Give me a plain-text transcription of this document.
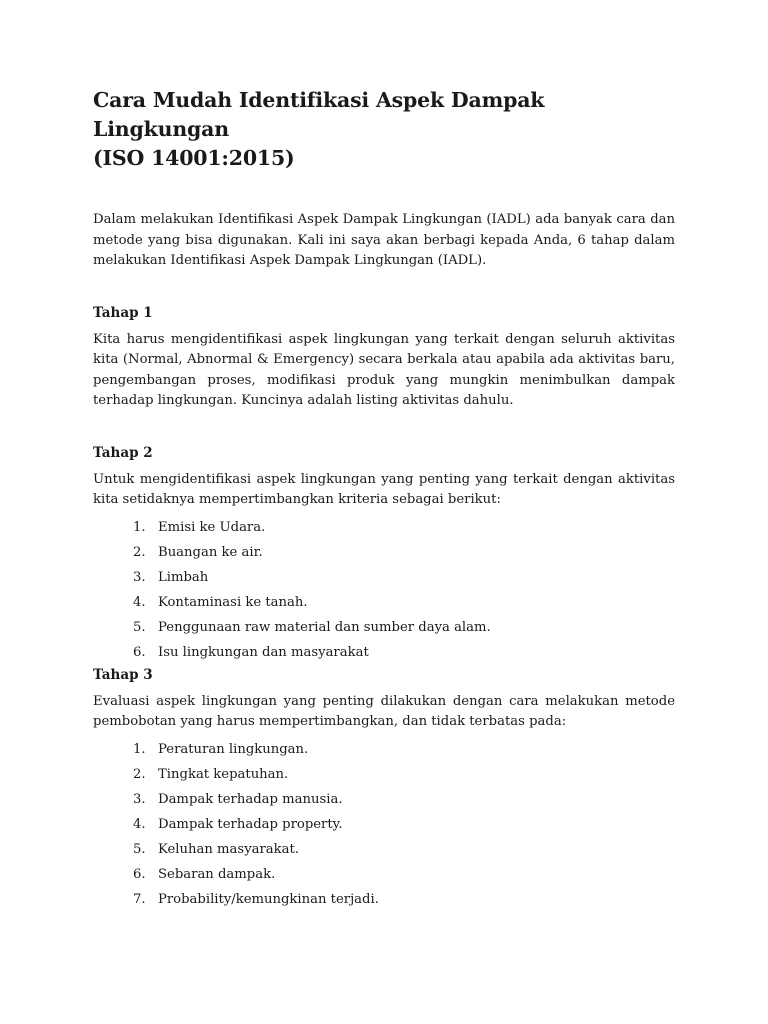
Cara Mudah Identifikasi Aspek Dampak Lingkungan
(ISO 14001:2015)

Dalam melakukan Identifikasi Aspek Dampak Lingkungan (IADL) ada banyak cara dan metode yang bisa digunakan. Kali ini saya akan berbagi kepada Anda, 6 tahap dalam melakukan Identifikasi Aspek Dampak Lingkungan (IADL).

Tahap 1

Kita harus mengidentifikasi aspek lingkungan yang terkait dengan seluruh aktivitas kita (Normal, Abnormal & Emergency) secara berkala atau apabila ada aktivitas baru, pengembangan proses, modifikasi produk yang mungkin menimbulkan dampak terhadap lingkungan. Kuncinya adalah listing aktivitas dahulu.

Tahap 2

Untuk mengidentifikasi aspek lingkungan yang penting yang terkait dengan aktivitas kita setidaknya mempertimbangkan kriteria sebagai berikut:

1. Emisi ke Udara.
2. Buangan ke air.
3. Limbah
4. Kontaminasi ke tanah.
5. Penggunaan raw material dan sumber daya alam.
6. Isu lingkungan dan masyarakat
Tahap 3

Evaluasi aspek lingkungan yang penting dilakukan dengan cara melakukan metode pembobotan yang harus mempertimbangkan, dan tidak terbatas pada:

1. Peraturan lingkungan.
2. Tingkat kepatuhan.
3. Dampak terhadap manusia.
4. Dampak terhadap property.
5. Keluhan masyarakat.
6. Sebaran dampak.
7. Probability/kemungkinan terjadi.
